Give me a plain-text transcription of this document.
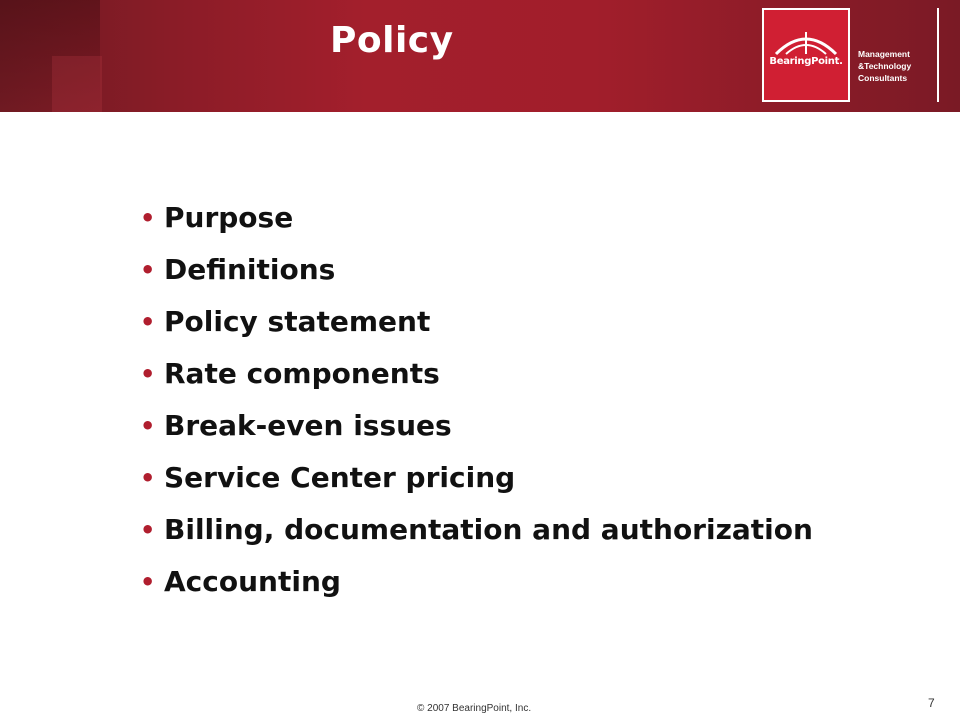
Policy
BearingPoint.
Management
&Technology
Consultants
• Purpose
• Definitions
• Policy statement
• Rate components
• Break-even issues
• Service Center pricing
• Billing, documentation and authorization
• Accounting
© 2007 BearingPoint, Inc.	7
